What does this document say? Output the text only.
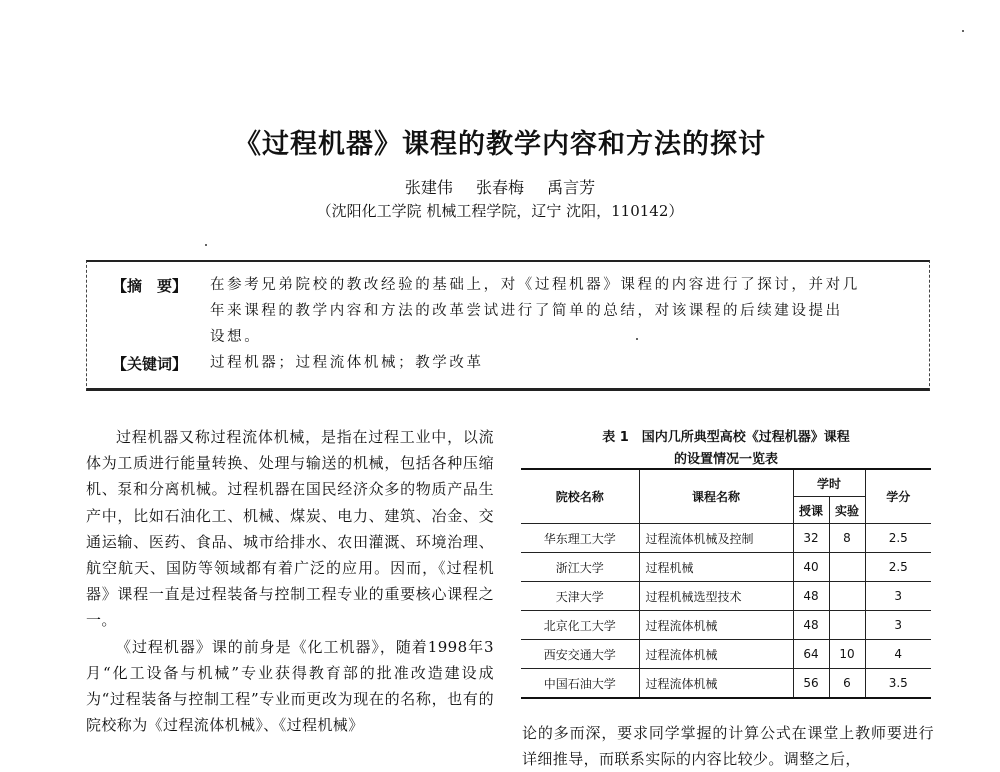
《过程机器》课程的教学内容和方法的探讨
张建伟 张春梅 禹言芳
（沈阳化工学院 机械工程学院，辽宁 沈阳，110142）
【摘　要】 在参考兄弟院校的教改经验的基础上，对《过程机器》课程的内容进行了探讨，并对几
年来课程的教学内容和方法的改革尝试进行了简单的总结，对该课程的后续建设提出
设想。
【关键词】 过程机器；过程流体机械；教学改革

过程机器又称过程流体机械，是指在过程工业中，以流体为工质进行能量转换、处理与输送的机械，包括各种压缩机、泵和分离机械。过程机器在国民经济众多的物质产品生产中，比如石油化工、机械、煤炭、电力、建筑、冶金、交通运输、医药、食品、城市给排水、农田灌溉、环境治理、航空航天、国防等领域都有着广泛的应用。因而，《过程机器》课程一直是过程装备与控制工程专业的重要核心课程之一。

《过程机器》课的前身是《化工机器》，随着1998年3月“化工设备与机械”专业获得教育部的批准改造建设成为“过程装备与控制工程”专业而更改为现在的名称，也有的院校称为《过程流体机械》、《过程机械》

表 1　国内几所典型高校《过程机器》课程
的设置情况一览表
院校名称	课程名称	学时		学分
		授课	实验	
华东理工大学	过程流体机械及控制	32	8	2.5
浙江大学	过程机械	40		2.5
天津大学	过程机械选型技术	48		3
北京化工大学	过程流体机械	48		3
西安交通大学	过程流体机械	64	10	4
中国石油大学	过程流体机械	56	6	3.5
论的多而深，要求同学掌握的计算公式在课堂上教师要进行详细推导，而联系实际的内容比较少。调整之后，
